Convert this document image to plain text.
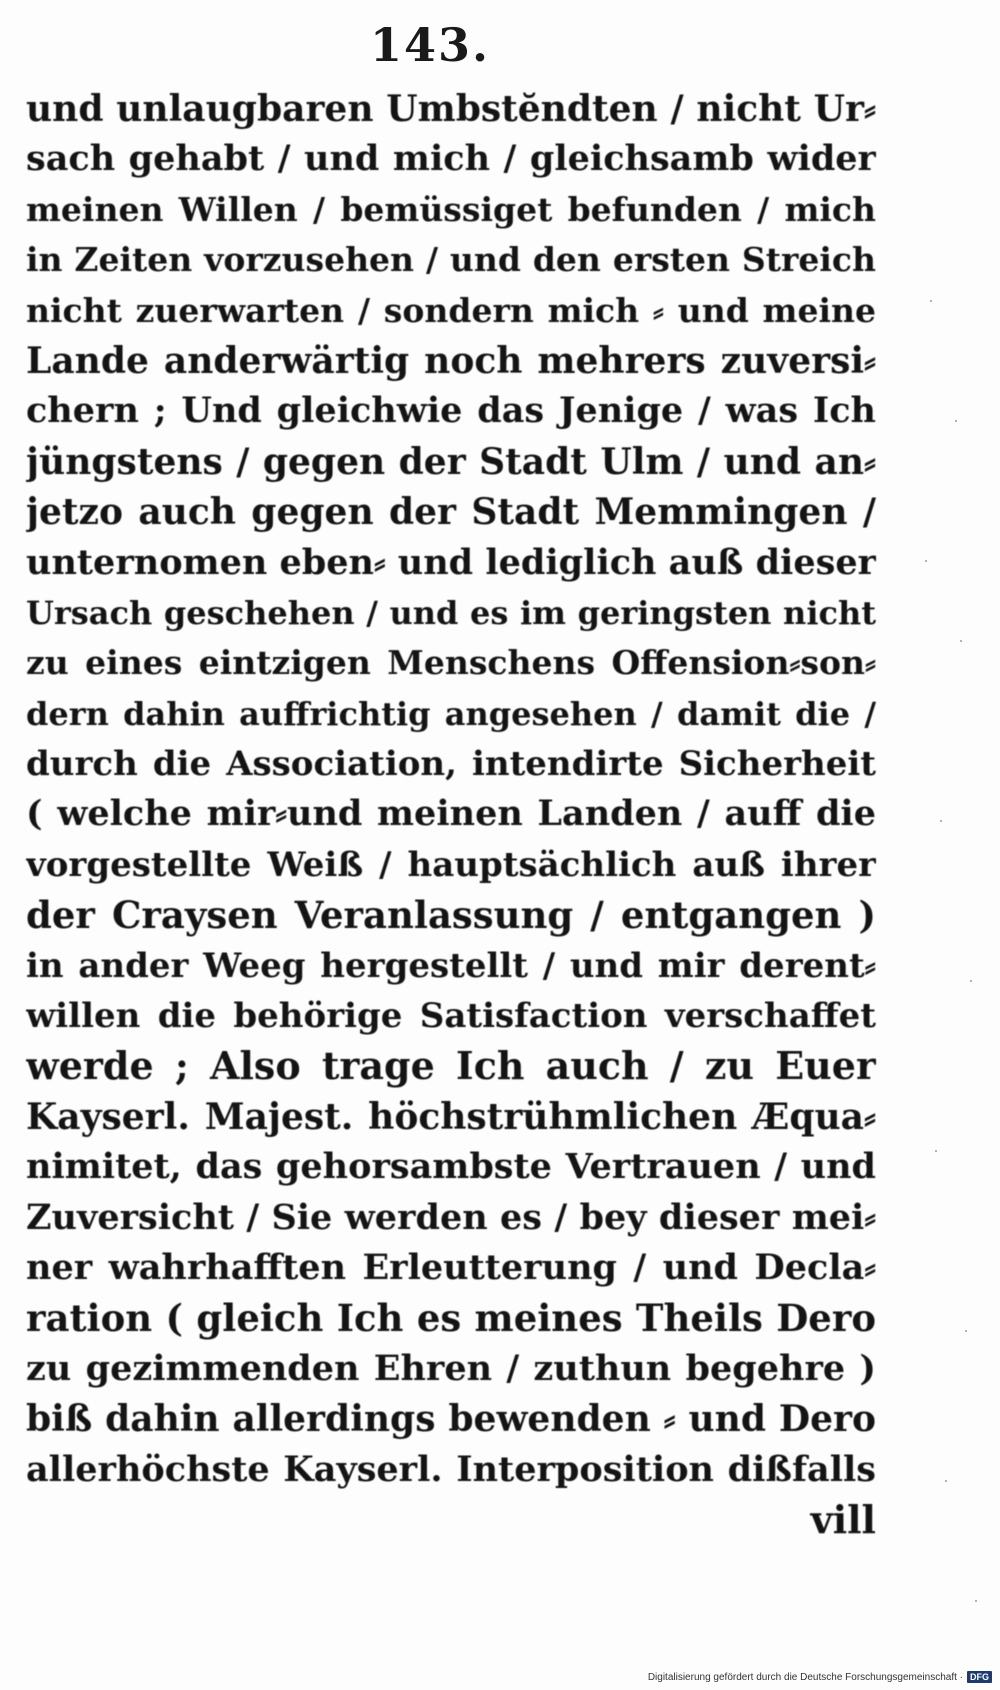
143.
und unlaugbaren Umbstĕndten / nicht Ur⸗
sach gehabt / und mich / gleichsamb wider
meinen Willen / bemüssiget befunden / mich
in Zeiten vorzusehen / und den ersten Streich
nicht zuerwarten / sondern mich ⸗ und meine
Lande anderwärtig noch mehrers zuversi⸗
chern ; Und gleichwie das Jenige / was Ich
jüngstens / gegen der Stadt Ulm / und an⸗
jetzo auch gegen der Stadt Memmingen /
unternomen eben⸗ und lediglich auß dieser
Ursach geschehen / und es im geringsten nicht
zu eines eintzigen Menschens Offension⸗son⸗
dern dahin auffrichtig angesehen / damit die /
durch die Association, intendirte Sicherheit
( welche mir⸗und meinen Landen / auff die
vorgestellte Weiß / hauptsächlich auß ihrer
der Craysen Veranlassung / entgangen )
in ander Weeg hergestellt / und mir derent⸗
willen die behörige Satisfaction verschaffet
werde ; Also trage Ich auch / zu Euer
Kayserl. Majest. höchstrühmlichen Æqua⸗
nimitet, das gehorsambste Vertrauen / und
Zuversicht / Sie werden es / bey dieser mei⸗
ner wahrhafften Erleutterung / und Decla⸗
ration ( gleich Ich es meines Theils Dero
zu gezimmenden Ehren / zuthun begehre )
biß dahin allerdings bewenden ⸗ und Dero
allerhöchste Kayserl. Interposition dißfalls
vill
Digitalisierung gefördert durch die Deutsche Forschungsgemeinschaft · DFG
